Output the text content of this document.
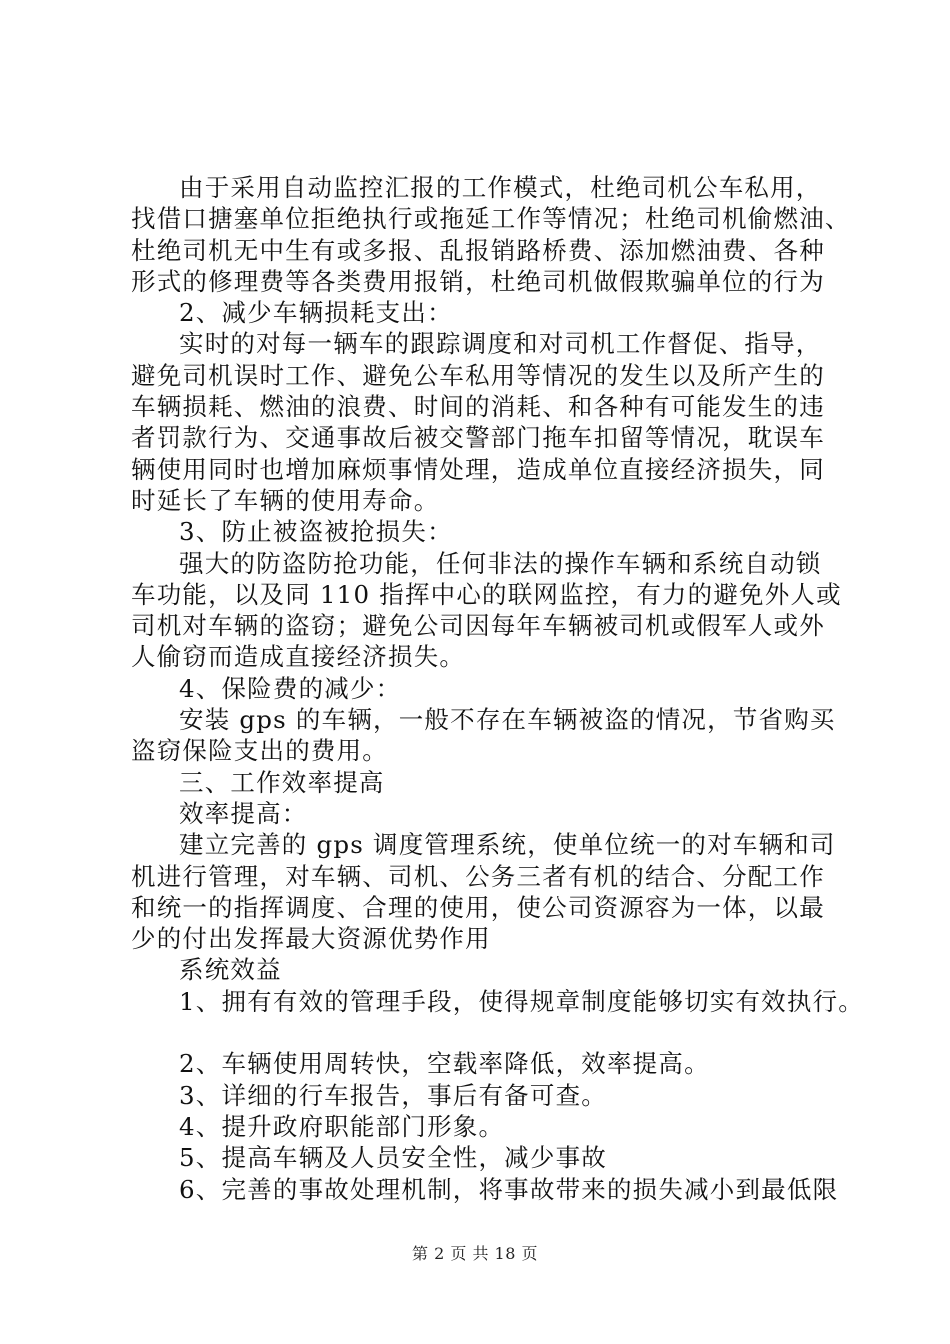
由于采用自动监控汇报的工作模式，杜绝司机公车私用，
找借口搪塞单位拒绝执行或拖延工作等情况；杜绝司机偷燃油、
杜绝司机无中生有或多报、乱报销路桥费、添加燃油费、各种
形式的修理费等各类费用报销，杜绝司机做假欺骗单位的行为
2、减少车辆损耗支出：
实时的对每一辆车的跟踪调度和对司机工作督促、指导，
避免司机误时工作、避免公车私用等情况的发生以及所产生的
车辆损耗、燃油的浪费、时间的消耗、和各种有可能发生的违
者罚款行为、交通事故后被交警部门拖车扣留等情况，耽误车
辆使用同时也增加麻烦事情处理，造成单位直接经济损失，同
时延长了车辆的使用寿命。
3、防止被盗被抢损失：
强大的防盗防抢功能，任何非法的操作车辆和系统自动锁
车功能，以及同 110 指挥中心的联网监控，有力的避免外人或
司机对车辆的盗窃；避免公司因每年车辆被司机或假军人或外
人偷窃而造成直接经济损失。
4、保险费的减少：
安装 gps 的车辆，一般不存在车辆被盗的情况，节省购买
盗窃保险支出的费用。
三、工作效率提高
效率提高：
建立完善的 gps 调度管理系统，使单位统一的对车辆和司
机进行管理，对车辆、司机、公务三者有机的结合、分配工作
和统一的指挥调度、合理的使用，使公司资源容为一体，以最
少的付出发挥最大资源优势作用
系统效益
1、拥有有效的管理手段，使得规章制度能够切实有效执行。
2、车辆使用周转快，空载率降低，效率提高。
3、详细的行车报告，事后有备可查。
4、提升政府职能部门形象。
5、提高车辆及人员安全性，减少事故
6、完善的事故处理机制，将事故带来的损失减小到最低限
第 2 页 共 18 页
